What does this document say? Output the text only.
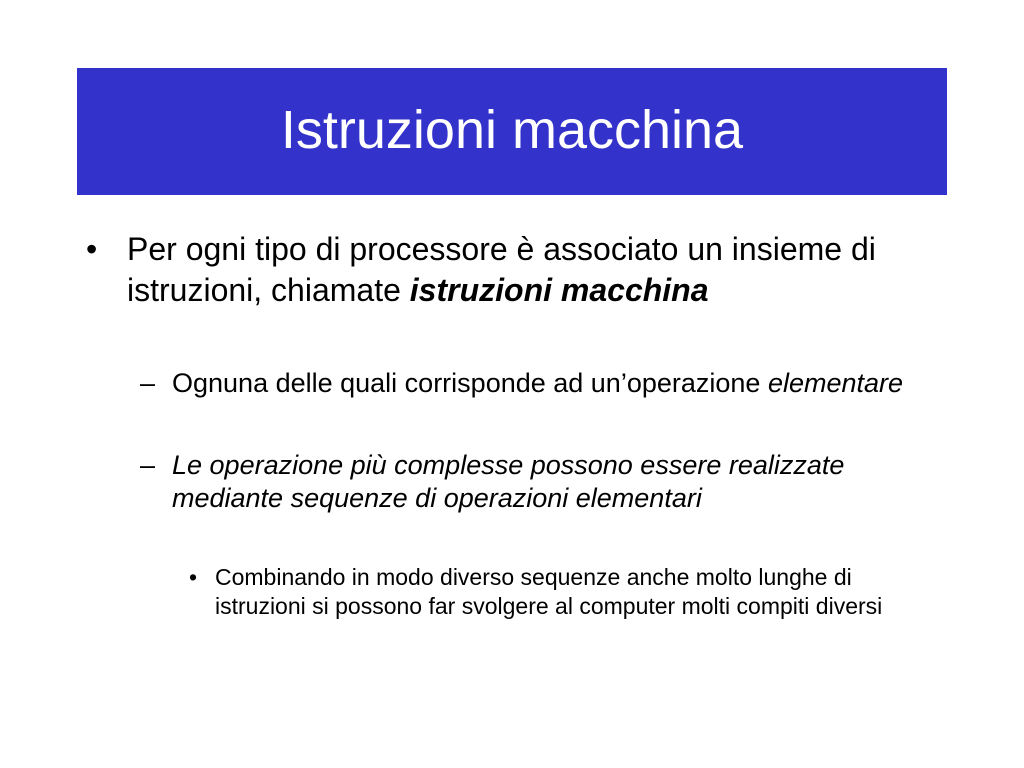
Istruzioni macchina
• Per ogni tipo di processore è associato un insieme di istruzioni, chiamate istruzioni macchina
– Ognuna delle quali corrisponde ad un’operazione elementare
– Le operazione più complesse possono essere realizzate mediante sequenze di operazioni elementari
• Combinando in modo diverso sequenze anche molto lunghe di istruzioni si possono far svolgere al computer molti compiti diversi
